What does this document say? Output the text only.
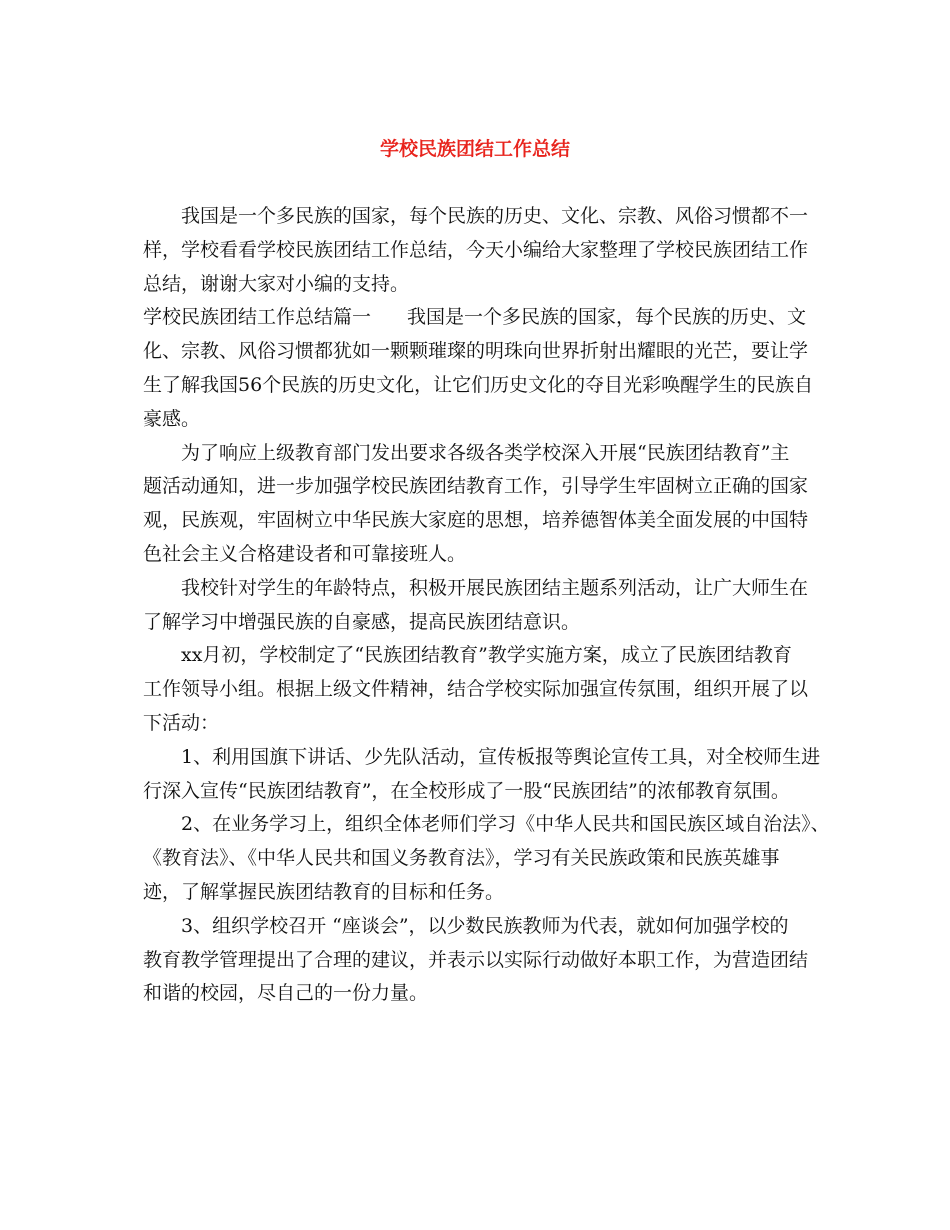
学校民族团结工作总结
我国是一个多民族的国家，每个民族的历史、文化、宗教、风俗习惯都不一
样，学校看看学校民族团结工作总结，今天小编给大家整理了学校民族团结工作
总结，谢谢大家对小编的支持。
学校民族团结工作总结篇一 我国是一个多民族的国家，每个民族的历史、文
化、宗教、风俗习惯都犹如一颗颗璀璨的明珠向世界折射出耀眼的光芒，要让学
生了解我国56个民族的历史文化，让它们历史文化的夺目光彩唤醒学生的民族自
豪感。
为了响应上级教育部门发出要求各级各类学校深入开展“民族团结教育”主
题活动通知，进一步加强学校民族团结教育工作，引导学生牢固树立正确的国家
观，民族观，牢固树立中华民族大家庭的思想，培养德智体美全面发展的中国特
色社会主义合格建设者和可靠接班人。
我校针对学生的年龄特点，积极开展民族团结主题系列活动，让广大师生在
了解学习中增强民族的自豪感，提高民族团结意识。
xx月初，学校制定了“民族团结教育”教学实施方案，成立了民族团结教育
工作领导小组。根据上级文件精神，结合学校实际加强宣传氛围，组织开展了以
下活动：
1、利用国旗下讲话、少先队活动，宣传板报等舆论宣传工具，对全校师生进
行深入宣传“民族团结教育”，在全校形成了一股“民族团结”的浓郁教育氛围。
2、在业务学习上，组织全体老师们学习《中华人民共和国民族区域自治法》、
《教育法》、《中华人民共和国义务教育法》，学习有关民族政策和民族英雄事
迹，了解掌握民族团结教育的目标和任务。
3、组织学校召开 “座谈会”，以少数民族教师为代表，就如何加强学校的
教育教学管理提出了合理的建议，并表示以实际行动做好本职工作，为营造团结
和谐的校园，尽自己的一份力量。
